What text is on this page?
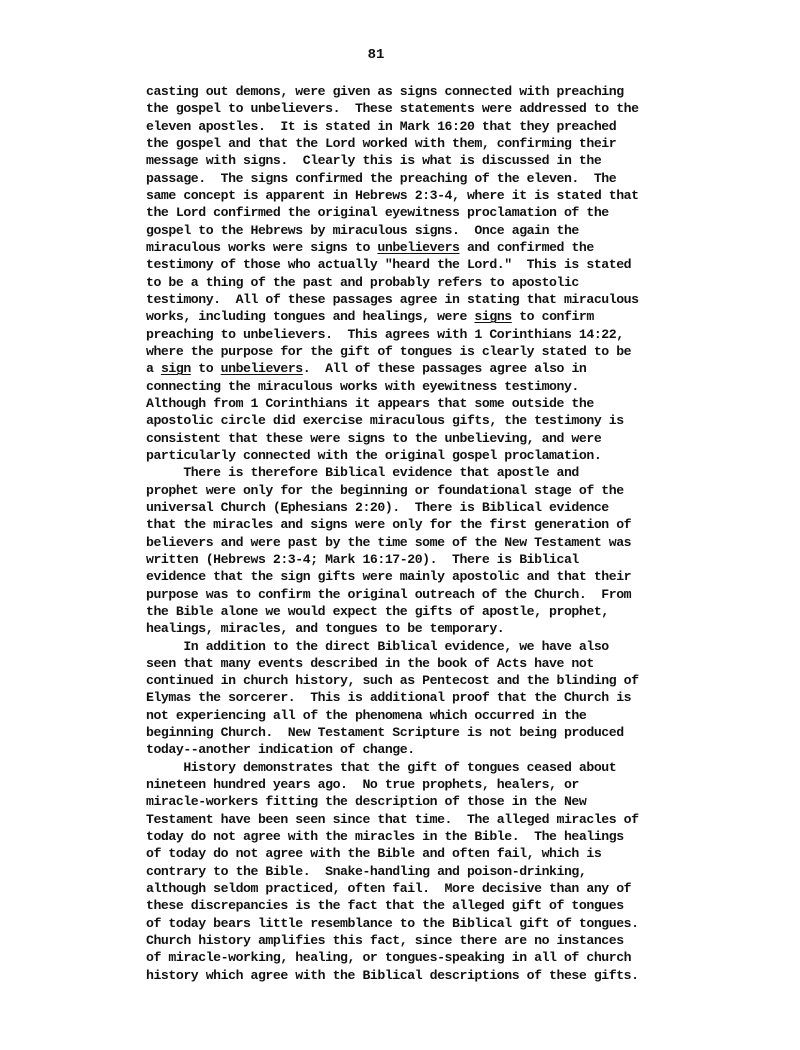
81
casting out demons, were given as signs connected with preaching
the gospel to unbelievers.  These statements were addressed to the
eleven apostles.  It is stated in Mark 16:20 that they preached
the gospel and that the Lord worked with them, confirming their
message with signs.  Clearly this is what is discussed in the
passage.  The signs confirmed the preaching of the eleven.  The
same concept is apparent in Hebrews 2:3-4, where it is stated that
the Lord confirmed the original eyewitness proclamation of the
gospel to the Hebrews by miraculous signs.  Once again the
miraculous works were signs to unbelievers and confirmed the
testimony of those who actually "heard the Lord."  This is stated
to be a thing of the past and probably refers to apostolic
testimony.  All of these passages agree in stating that miraculous
works, including tongues and healings, were signs to confirm
preaching to unbelievers.  This agrees with 1 Corinthians 14:22,
where the purpose for the gift of tongues is clearly stated to be
a sign to unbelievers.  All of these passages agree also in
connecting the miraculous works with eyewitness testimony.
Although from 1 Corinthians it appears that some outside the
apostolic circle did exercise miraculous gifts, the testimony is
consistent that these were signs to the unbelieving, and were
particularly connected with the original gospel proclamation.
There is therefore Biblical evidence that apostle and
prophet were only for the beginning or foundational stage of the
universal Church (Ephesians 2:20).  There is Biblical evidence
that the miracles and signs were only for the first generation of
believers and were past by the time some of the New Testament was
written (Hebrews 2:3-4; Mark 16:17-20).  There is Biblical
evidence that the sign gifts were mainly apostolic and that their
purpose was to confirm the original outreach of the Church.  From
the Bible alone we would expect the gifts of apostle, prophet,
healings, miracles, and tongues to be temporary.
In addition to the direct Biblical evidence, we have also
seen that many events described in the book of Acts have not
continued in church history, such as Pentecost and the blinding of
Elymas the sorcerer.  This is additional proof that the Church is
not experiencing all of the phenomena which occurred in the
beginning Church.  New Testament Scripture is not being produced
today--another indication of change.
History demonstrates that the gift of tongues ceased about
nineteen hundred years ago.  No true prophets, healers, or
miracle-workers fitting the description of those in the New
Testament have been seen since that time.  The alleged miracles of
today do not agree with the miracles in the Bible.  The healings
of today do not agree with the Bible and often fail, which is
contrary to the Bible.  Snake-handling and poison-drinking,
although seldom practiced, often fail.  More decisive than any of
these discrepancies is the fact that the alleged gift of tongues
of today bears little resemblance to the Biblical gift of tongues.
Church history amplifies this fact, since there are no instances
of miracle-working, healing, or tongues-speaking in all of church
history which agree with the Biblical descriptions of these gifts.
